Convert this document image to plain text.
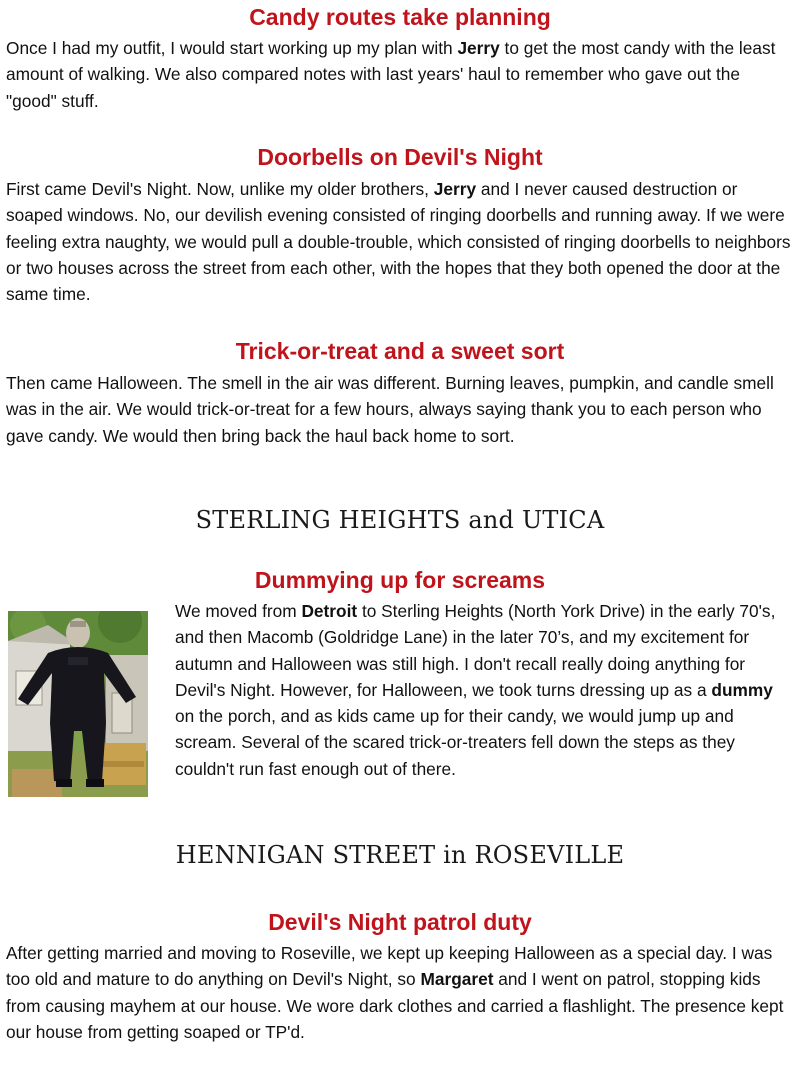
Candy routes take planning

Once I had my outfit, I would start working up my plan with Jerry to get the most candy with the least amount of walking. We also compared notes with last years' haul to remember who gave out the "good" stuff.

Doorbells on Devil's Night

First came Devil's Night. Now, unlike my older brothers, Jerry and I never caused destruction or soaped windows. No, our devilish evening consisted of ringing doorbells and running away. If we were feeling extra naughty, we would pull a double-trouble, which consisted of ringing doorbells to neighbors or two houses across the street from each other, with the hopes that they both opened the door at the same time.

Trick-or-treat and a sweet sort

Then came Halloween. The smell in the air was different. Burning leaves, pumpkin, and candle smell was in the air. We would trick-or-treat for a few hours, always saying thank you to each person who gave candy. We would then bring back the haul back home to sort.

STERLING HEIGHTS and UTICA
Dummying up for screams

We moved from Detroit to Sterling Heights (North York Drive) in the early 70's, and then Macomb (Goldridge Lane) in the later 70’s, and my excitement for autumn and Halloween was still high. I don't recall really doing anything for Devil's Night. However, for Halloween, we took turns dressing up as a dummy on the porch, and as kids came up for their candy, we would jump up and scream. Several of the scared trick-or-treaters fell down the steps as they couldn't run fast enough out of there.

HENNIGAN STREET in ROSEVILLE
Devil's Night patrol duty

After getting married and moving to Roseville, we kept up keeping Halloween as a special day. I was too old and mature to do anything on Devil's Night, so Margaret and I went on patrol, stopping kids from causing mayhem at our house. We wore dark clothes and carried a flashlight. The presence kept our house from getting soaped or TP'd.
